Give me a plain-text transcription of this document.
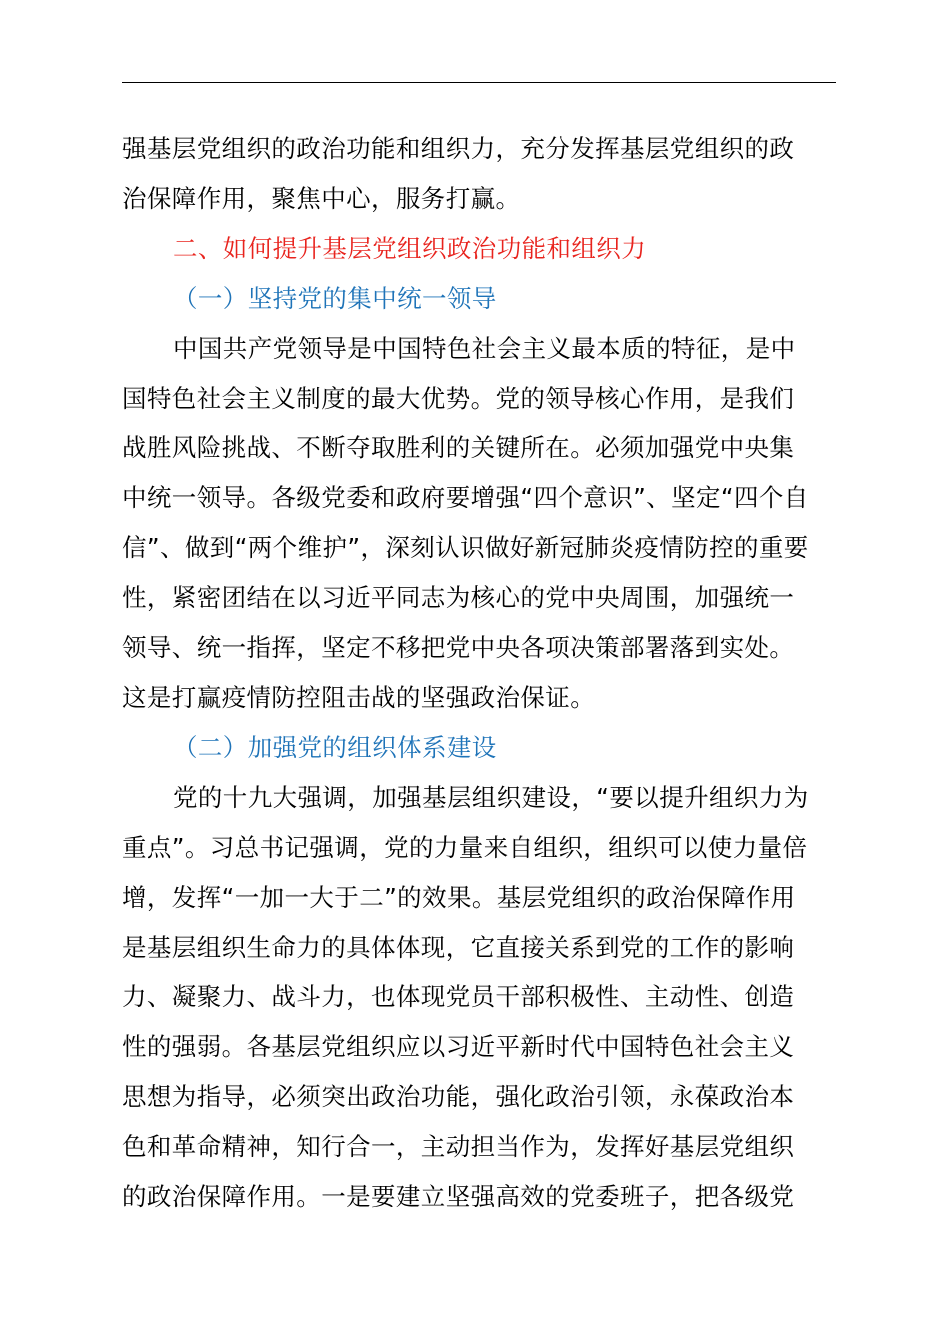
强基层党组织的政治功能和组织力，充分发挥基层党组织的政
治保障作用，聚焦中心，服务打赢。
二、如何提升基层党组织政治功能和组织力
（一）坚持党的集中统一领导
中国共产党领导是中国特色社会主义最本质的特征，是中
国特色社会主义制度的最大优势。党的领导核心作用，是我们
战胜风险挑战、不断夺取胜利的关键所在。必须加强党中央集
中统一领导。各级党委和政府要增强“四个意识”、坚定“四个自
信”、做到“两个维护”，深刻认识做好新冠肺炎疫情防控的重要
性，紧密团结在以习近平同志为核心的党中央周围，加强统一
领导、统一指挥，坚定不移把党中央各项决策部署落到实处。
这是打赢疫情防控阻击战的坚强政治保证。
（二）加强党的组织体系建设
党的十九大强调，加强基层组织建设，“要以提升组织力为
重点”。习总书记强调，党的力量来自组织，组织可以使力量倍
增，发挥“一加一大于二”的效果。基层党组织的政治保障作用
是基层组织生命力的具体体现，它直接关系到党的工作的影响
力、凝聚力、战斗力，也体现党员干部积极性、主动性、创造
性的强弱。各基层党组织应以习近平新时代中国特色社会主义
思想为指导，必须突出政治功能，强化政治引领，永葆政治本
色和革命精神，知行合一，主动担当作为，发挥好基层党组织
的政治保障作用。一是要建立坚强高效的党委班子，把各级党
